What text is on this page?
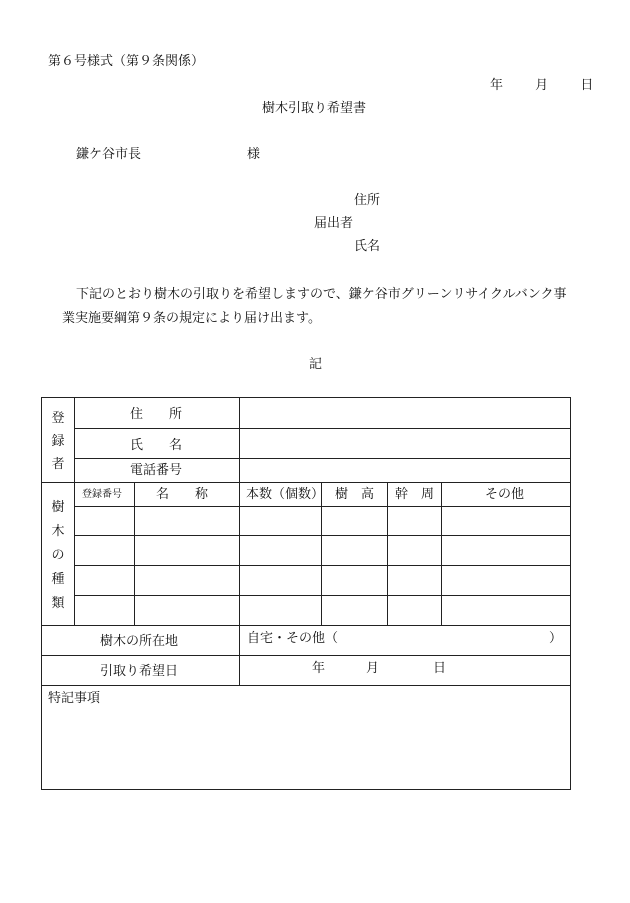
第６号様式（第９条関係）
年 月 日
樹木引取り希望書
鎌ケ谷市長	様
住所
届出者
氏名
下記のとおり樹木の引取りを希望しますので、鎌ケ谷市グリーンリサイクルバンク事
業実施要綱第９条の規定により届け出ます。
記
登
録
者
住　　所
氏　　名
電話番号
樹
木
の
種
類
登録番号	名　　称	本数（個数） 樹　高 幹　周	その他
樹木の所在地	自宅・その他（	）
引取り希望日	年	月	日
特記事項
